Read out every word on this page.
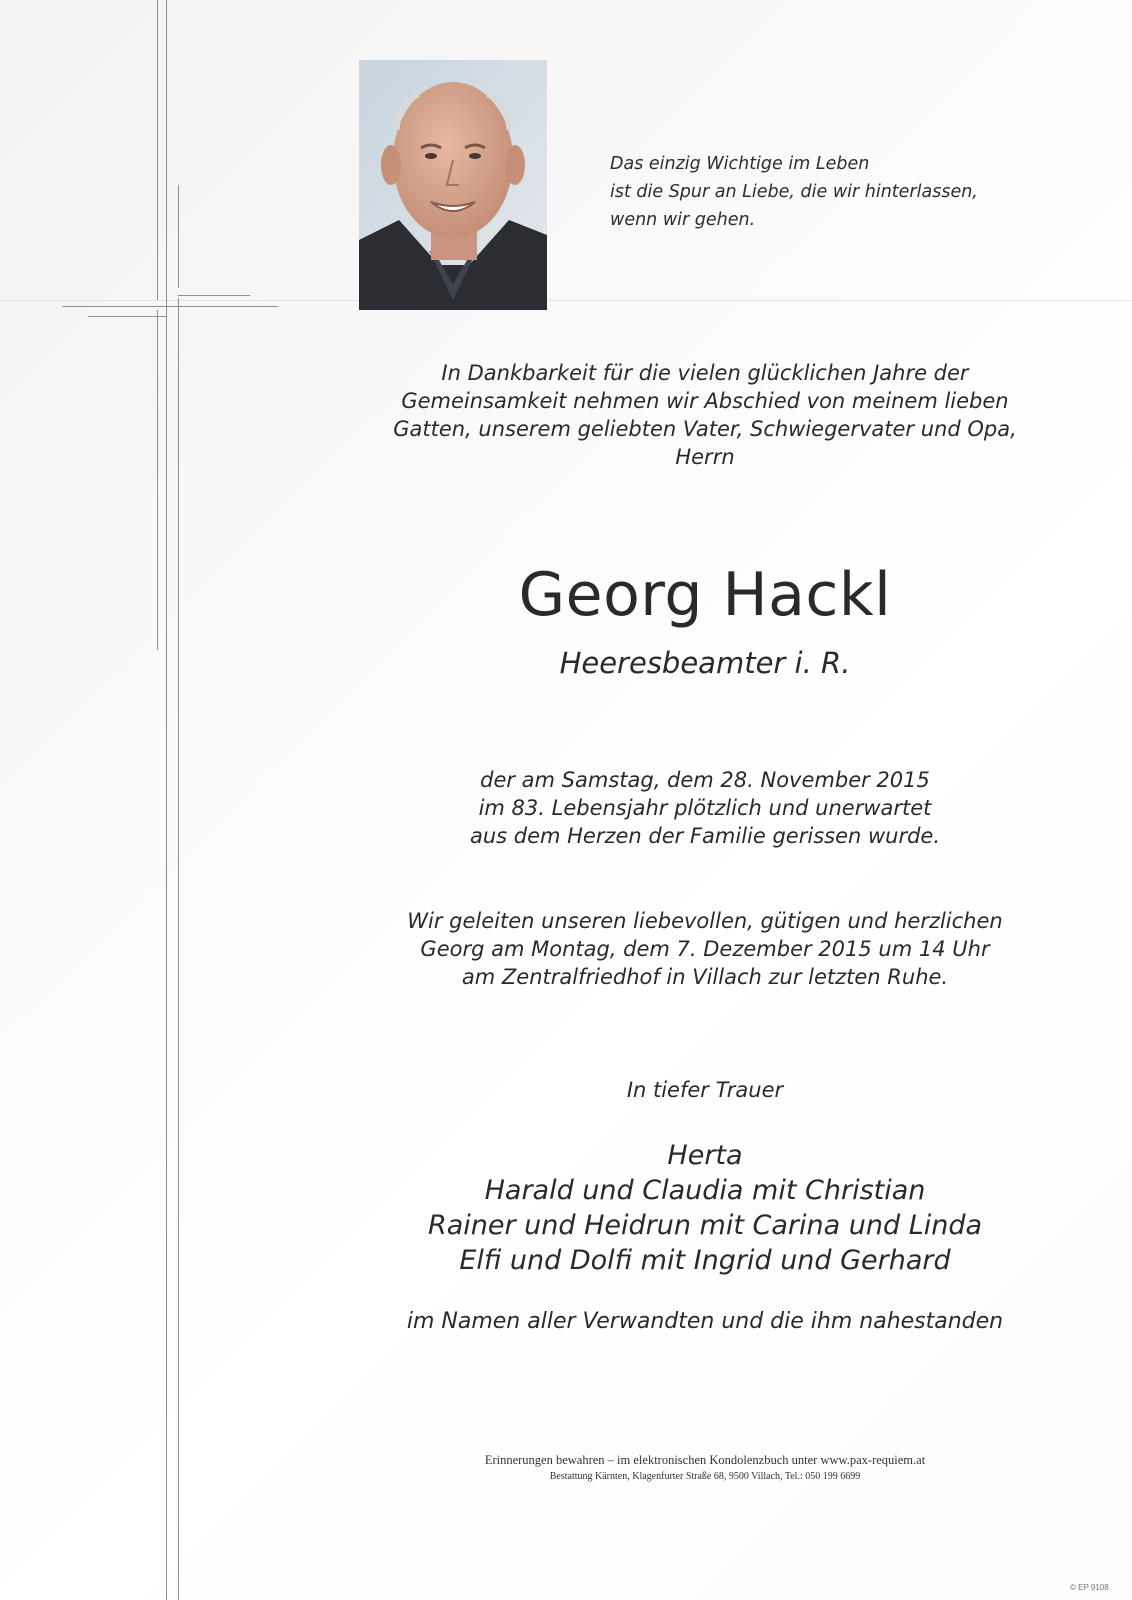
Das einzig Wichtige im Leben
ist die Spur an Liebe, die wir hinterlassen,
wenn wir gehen.
In Dankbarkeit für die vielen glücklichen Jahre der
Gemeinsamkeit nehmen wir Abschied von meinem lieben
Gatten, unserem geliebten Vater, Schwiegervater und Opa,
Herrn
Georg Hackl
Heeresbeamter i. R.
der am Samstag, dem 28. November 2015
im 83. Lebensjahr plötzlich und unerwartet
aus dem Herzen der Familie gerissen wurde.
Wir geleiten unseren liebevollen, gütigen und herzlichen
Georg am Montag, dem 7. Dezember 2015 um 14 Uhr
am Zentralfriedhof in Villach zur letzten Ruhe.
In tiefer Trauer
Herta
Harald und Claudia mit Christian
Rainer und Heidrun mit Carina und Linda
Elfi und Dolfi mit Ingrid und Gerhard
im Namen aller Verwandten und die ihm nahestanden
Erinnerungen bewahren – im elektronischen Kondolenzbuch unter www.pax-requiem.at
Bestattung Kärnten, Klagenfurter Straße 68, 9500 Villach, Tel.: 050 199 6699
© EP 9108
